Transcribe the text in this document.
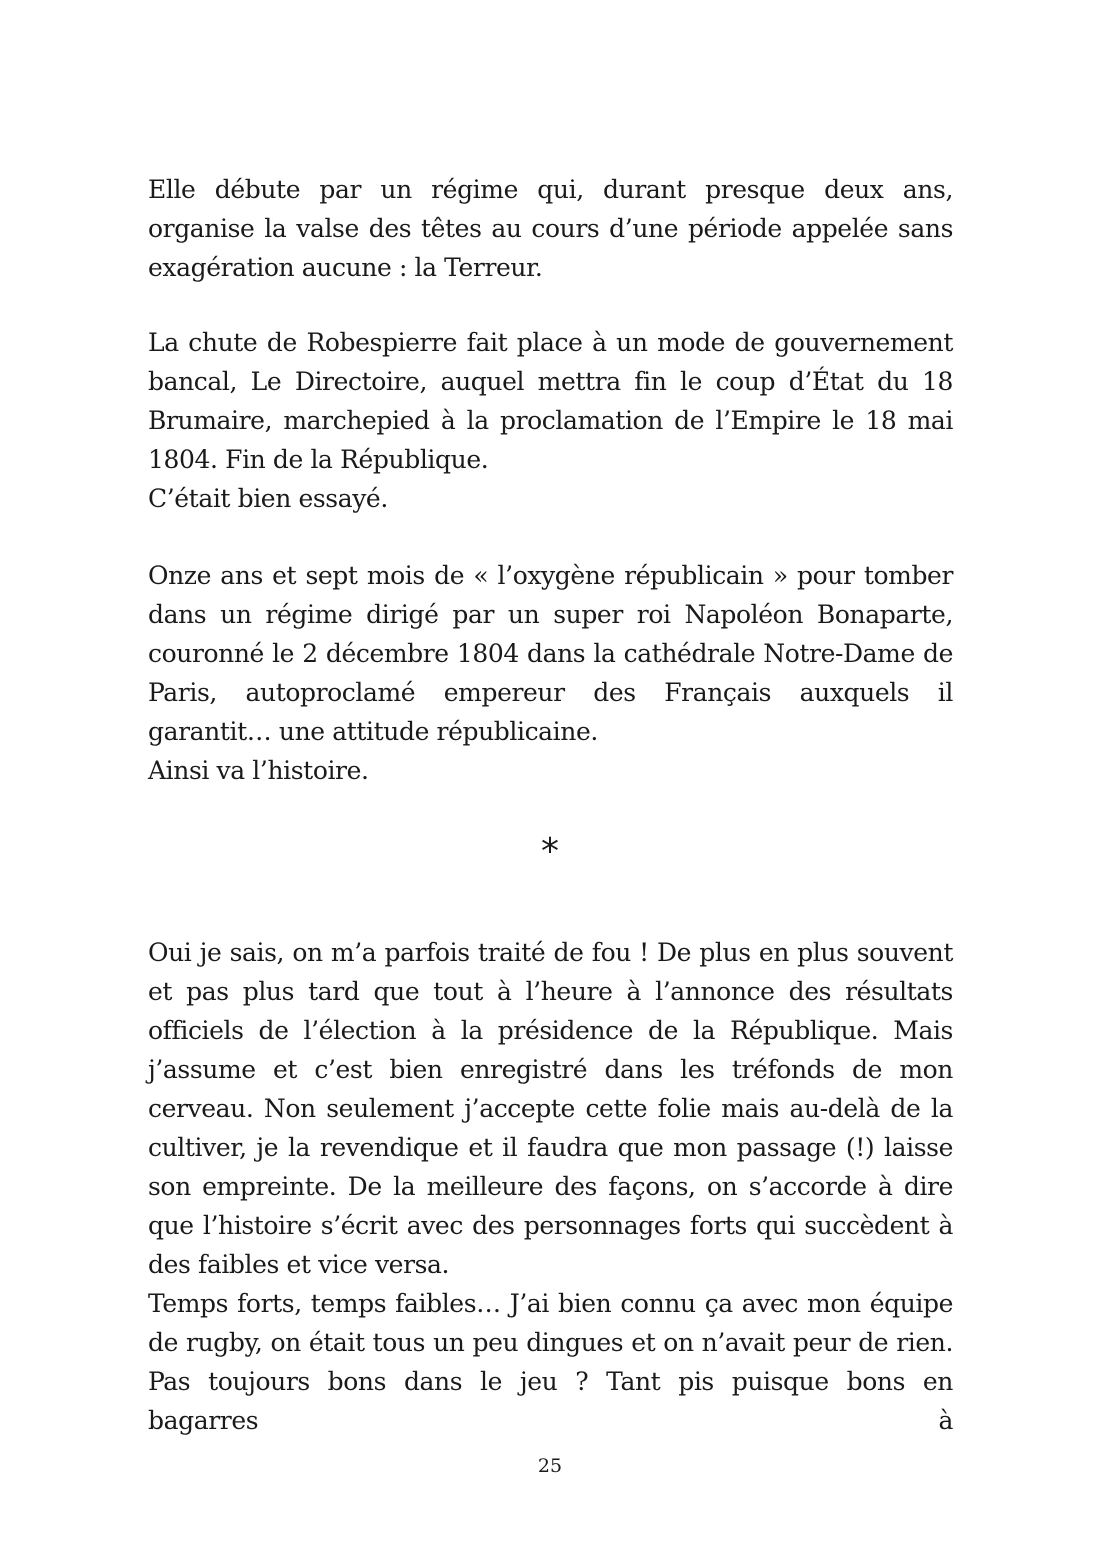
Elle débute par un régime qui, durant presque deux ans, organise la valse des têtes au cours d’une période appelée sans exagération aucune : la Terreur.

La chute de Robespierre fait place à un mode de gouvernement bancal, Le Directoire, auquel mettra fin le coup d’État du 18 Brumaire, marchepied à la proclamation de l’Empire le 18 mai 1804. Fin de la République.

C’était bien essayé.

Onze ans et sept mois de « l’oxygène républicain » pour tomber dans un régime dirigé par un super roi Napoléon Bonaparte, couronné le 2 décembre 1804 dans la cathédrale Notre-Dame de Paris, autoproclamé empereur des Français auxquels il garantit… une attitude républicaine.

Ainsi va l’histoire.

*

Oui je sais, on m’a parfois traité de fou ! De plus en plus souvent et pas plus tard que tout à l’heure à l’annonce des résultats officiels de l’élection à la présidence de la République. Mais j’assume et c’est bien enregistré dans les tréfonds de mon cerveau. Non seulement j’accepte cette folie mais au-delà de la cultiver, je la revendique et il faudra que mon passage (!) laisse son empreinte. De la meilleure des façons, on s’accorde à dire que l’histoire s’écrit avec des personnages forts qui succèdent à des faibles et vice versa.

Temps forts, temps faibles… J’ai bien connu ça avec mon équipe de rugby, on était tous un peu dingues et on n’avait peur de rien. Pas toujours bons dans le jeu ? Tant pis puisque bons en bagarres à

25
